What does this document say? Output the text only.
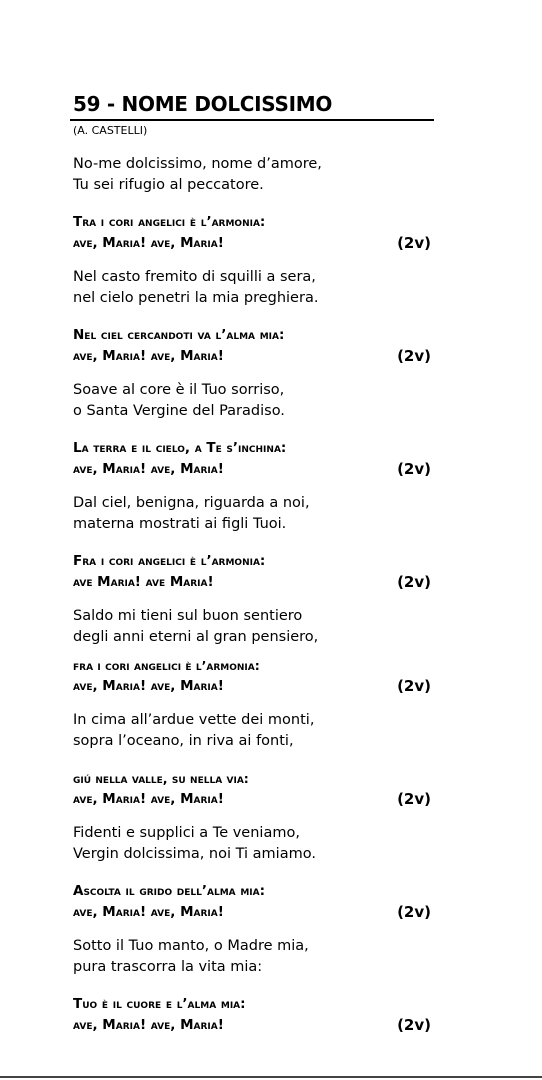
59 - NOME DOLCISSIMO
(A. CASTELLI)
No-me dolcissimo, nome d’amore,
Tu sei rifugio al peccatore.
Tra i cori angelici è l’armonia:
ave, Maria! ave, Maria!	(2v)
Nel casto fremito di squilli a sera,
nel cielo penetri la mia preghiera.
Nel ciel cercandoti va l’alma mia:
ave, Maria! ave, Maria!	(2v)
Soave al core è il Tuo sorriso,
o Santa Vergine del Paradiso.
La terra e il cielo, a Te s’inchina:
ave, Maria! ave, Maria!	(2v)
Dal ciel, benigna, riguarda a noi,
materna mostrati ai figli Tuoi.
Fra i cori angelici è l’armonia:
ave Maria! ave Maria!	(2v)
Saldo mi tieni sul buon sentiero
degli anni eterni al gran pensiero,
fra i cori angelici è l’armonia:
ave, Maria! ave, Maria!	(2v)
In cima all’ardue vette dei monti,
sopra l’oceano, in riva ai fonti,
giú nella valle, su nella via:
ave, Maria! ave, Maria!	(2v)
Fidenti e supplici a Te veniamo,
Vergin dolcissima, noi Ti amiamo.
Ascolta il grido dell’alma mia:
ave, Maria! ave, Maria!	(2v)
Sotto il Tuo manto, o Madre mia,
pura trascorra la vita mia:
Tuo è il cuore e l’alma mia:
ave, Maria! ave, Maria!	(2v)
